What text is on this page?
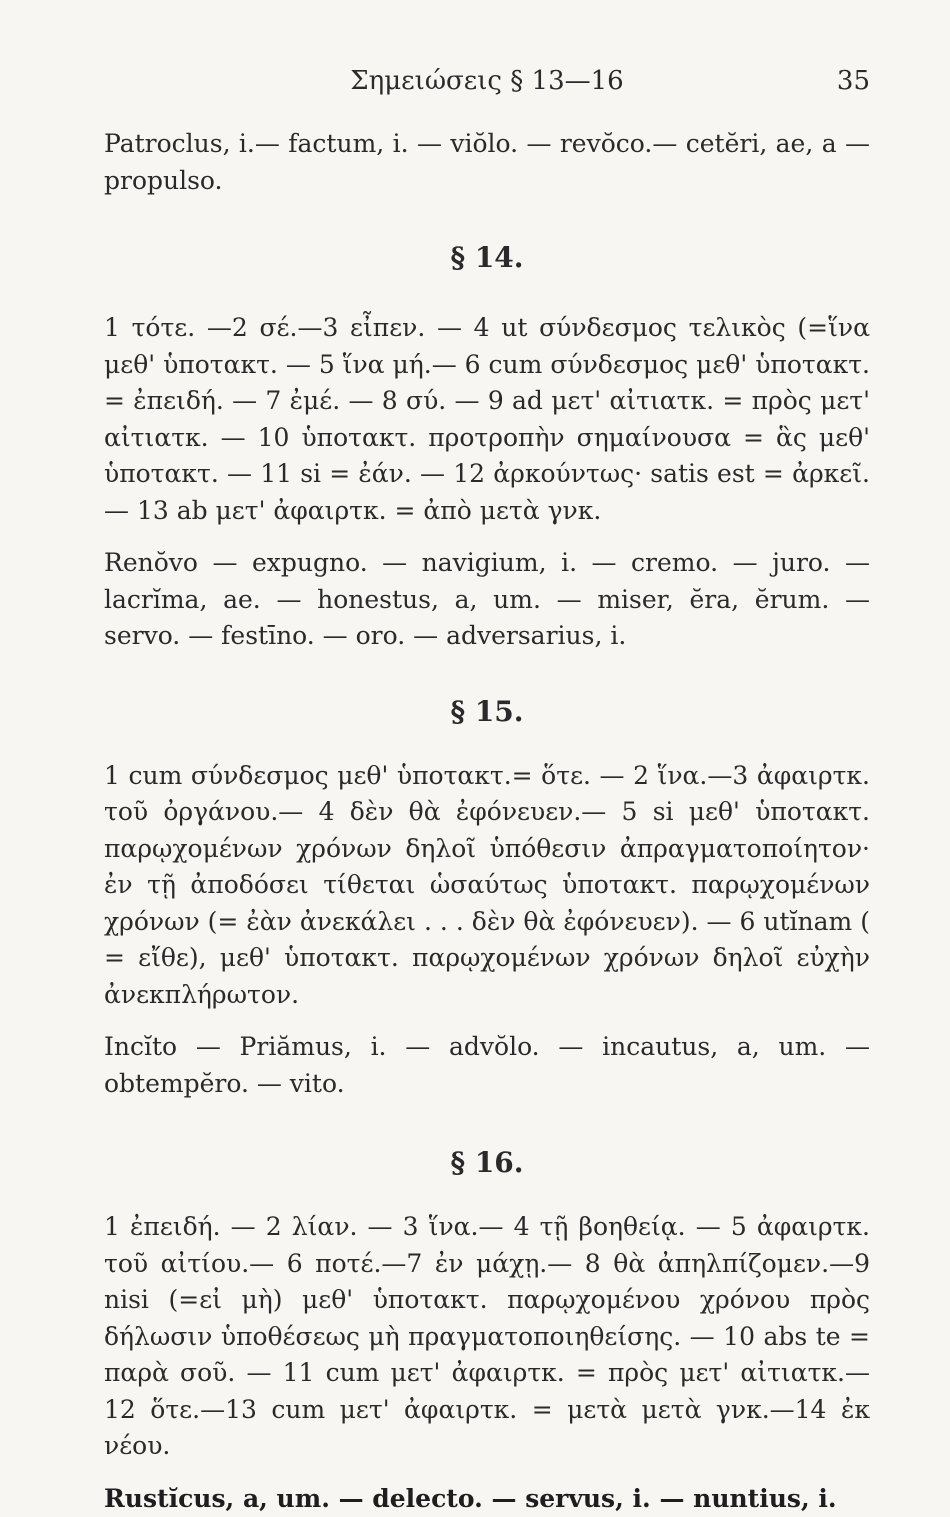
Σημειώσεις § 13—16	35

Patroclus, i.— factum, i. — viŏlo. — revŏco.— cetĕri, ae, a — propulso.

§ 14.

1 τότε. —2 σέ.—3 εἶπεν. — 4 ut σύνδεσμος τελικὸς (=ἵνα μεθ' ὑποτακτ. — 5 ἵνα μή.— 6 cum σύνδεσμος μεθ' ὑποτακτ. = ἐπειδή. — 7 ἐμέ. — 8 σύ. — 9 ad μετ' αἰτιατκ. = πρὸς μετ' αἰτιατκ. — 10 ὑποτακτ. προτροπὴν σημαίνουσα = ἃς μεθ' ὑποτακτ. — 11 si = ἐάν. — 12 ἀρκούντως· satis est = ἀρκεῖ.— 13 ab μετ' ἀφαιρτκ. = ἀπὸ μετὰ γνκ.

Renŏvo — expugno. — navigium, i. — cremo. — juro. — lacrĭma, ae. — honestus, a, um. — miser, ĕra, ĕrum. — servo. — festīno. — oro. — adversarius, i.

§ 15.

1 cum σύνδεσμος μεθ' ὑποτακτ.= ὅτε. — 2 ἵνα.—3 ἀφαιρτκ. τοῦ ὀργάνου.— 4 δὲν θὰ ἐφόνευεν.— 5 si μεθ' ὑποτακτ. παρῳχομένων χρόνων δηλοῖ ὑπόθεσιν ἀπραγματοποίητον· ἐν τῇ ἀποδόσει τίθεται ὡσαύτως ὑποτακτ. παρῳχομένων χρόνων (= ἐὰν ἀνεκάλει . . . δὲν θὰ ἐφόνευεν). — 6 utĭnam ( = εἴθε), μεθ' ὑποτακτ. παρῳχομένων χρόνων δηλοῖ εὐχὴν ἀνεκπλήρωτον.

Incĭto — Priămus, i. — advŏlo. — incautus, a, um. — obtempĕro. — vito.

§ 16.

1 ἐπειδή. — 2 λίαν. — 3 ἵνα.— 4 τῇ βοηθείᾳ. — 5 ἀφαιρτκ. τοῦ αἰτίου.— 6 ποτέ.—7 ἐν μάχῃ.— 8 θὰ ἀπηλπίζομεν.—9 nisi (=εἰ μὴ) μεθ' ὑποτακτ. παρῳχομένου χρόνου πρὸς δήλωσιν ὑποθέσεως μὴ πραγματοποιηθείσης. — 10 abs te = παρὰ σοῦ. — 11 cum μετ' ἀφαιρτκ. = πρὸς μετ' αἰτιατκ.— 12 ὅτε.—13 cum μετ' ἀφαιρτκ. = μετὰ μετὰ γνκ.—14 ἐκ νέου.

Rustĭcus, a, um. — delecto. — servus, i. — nuntius, i.
